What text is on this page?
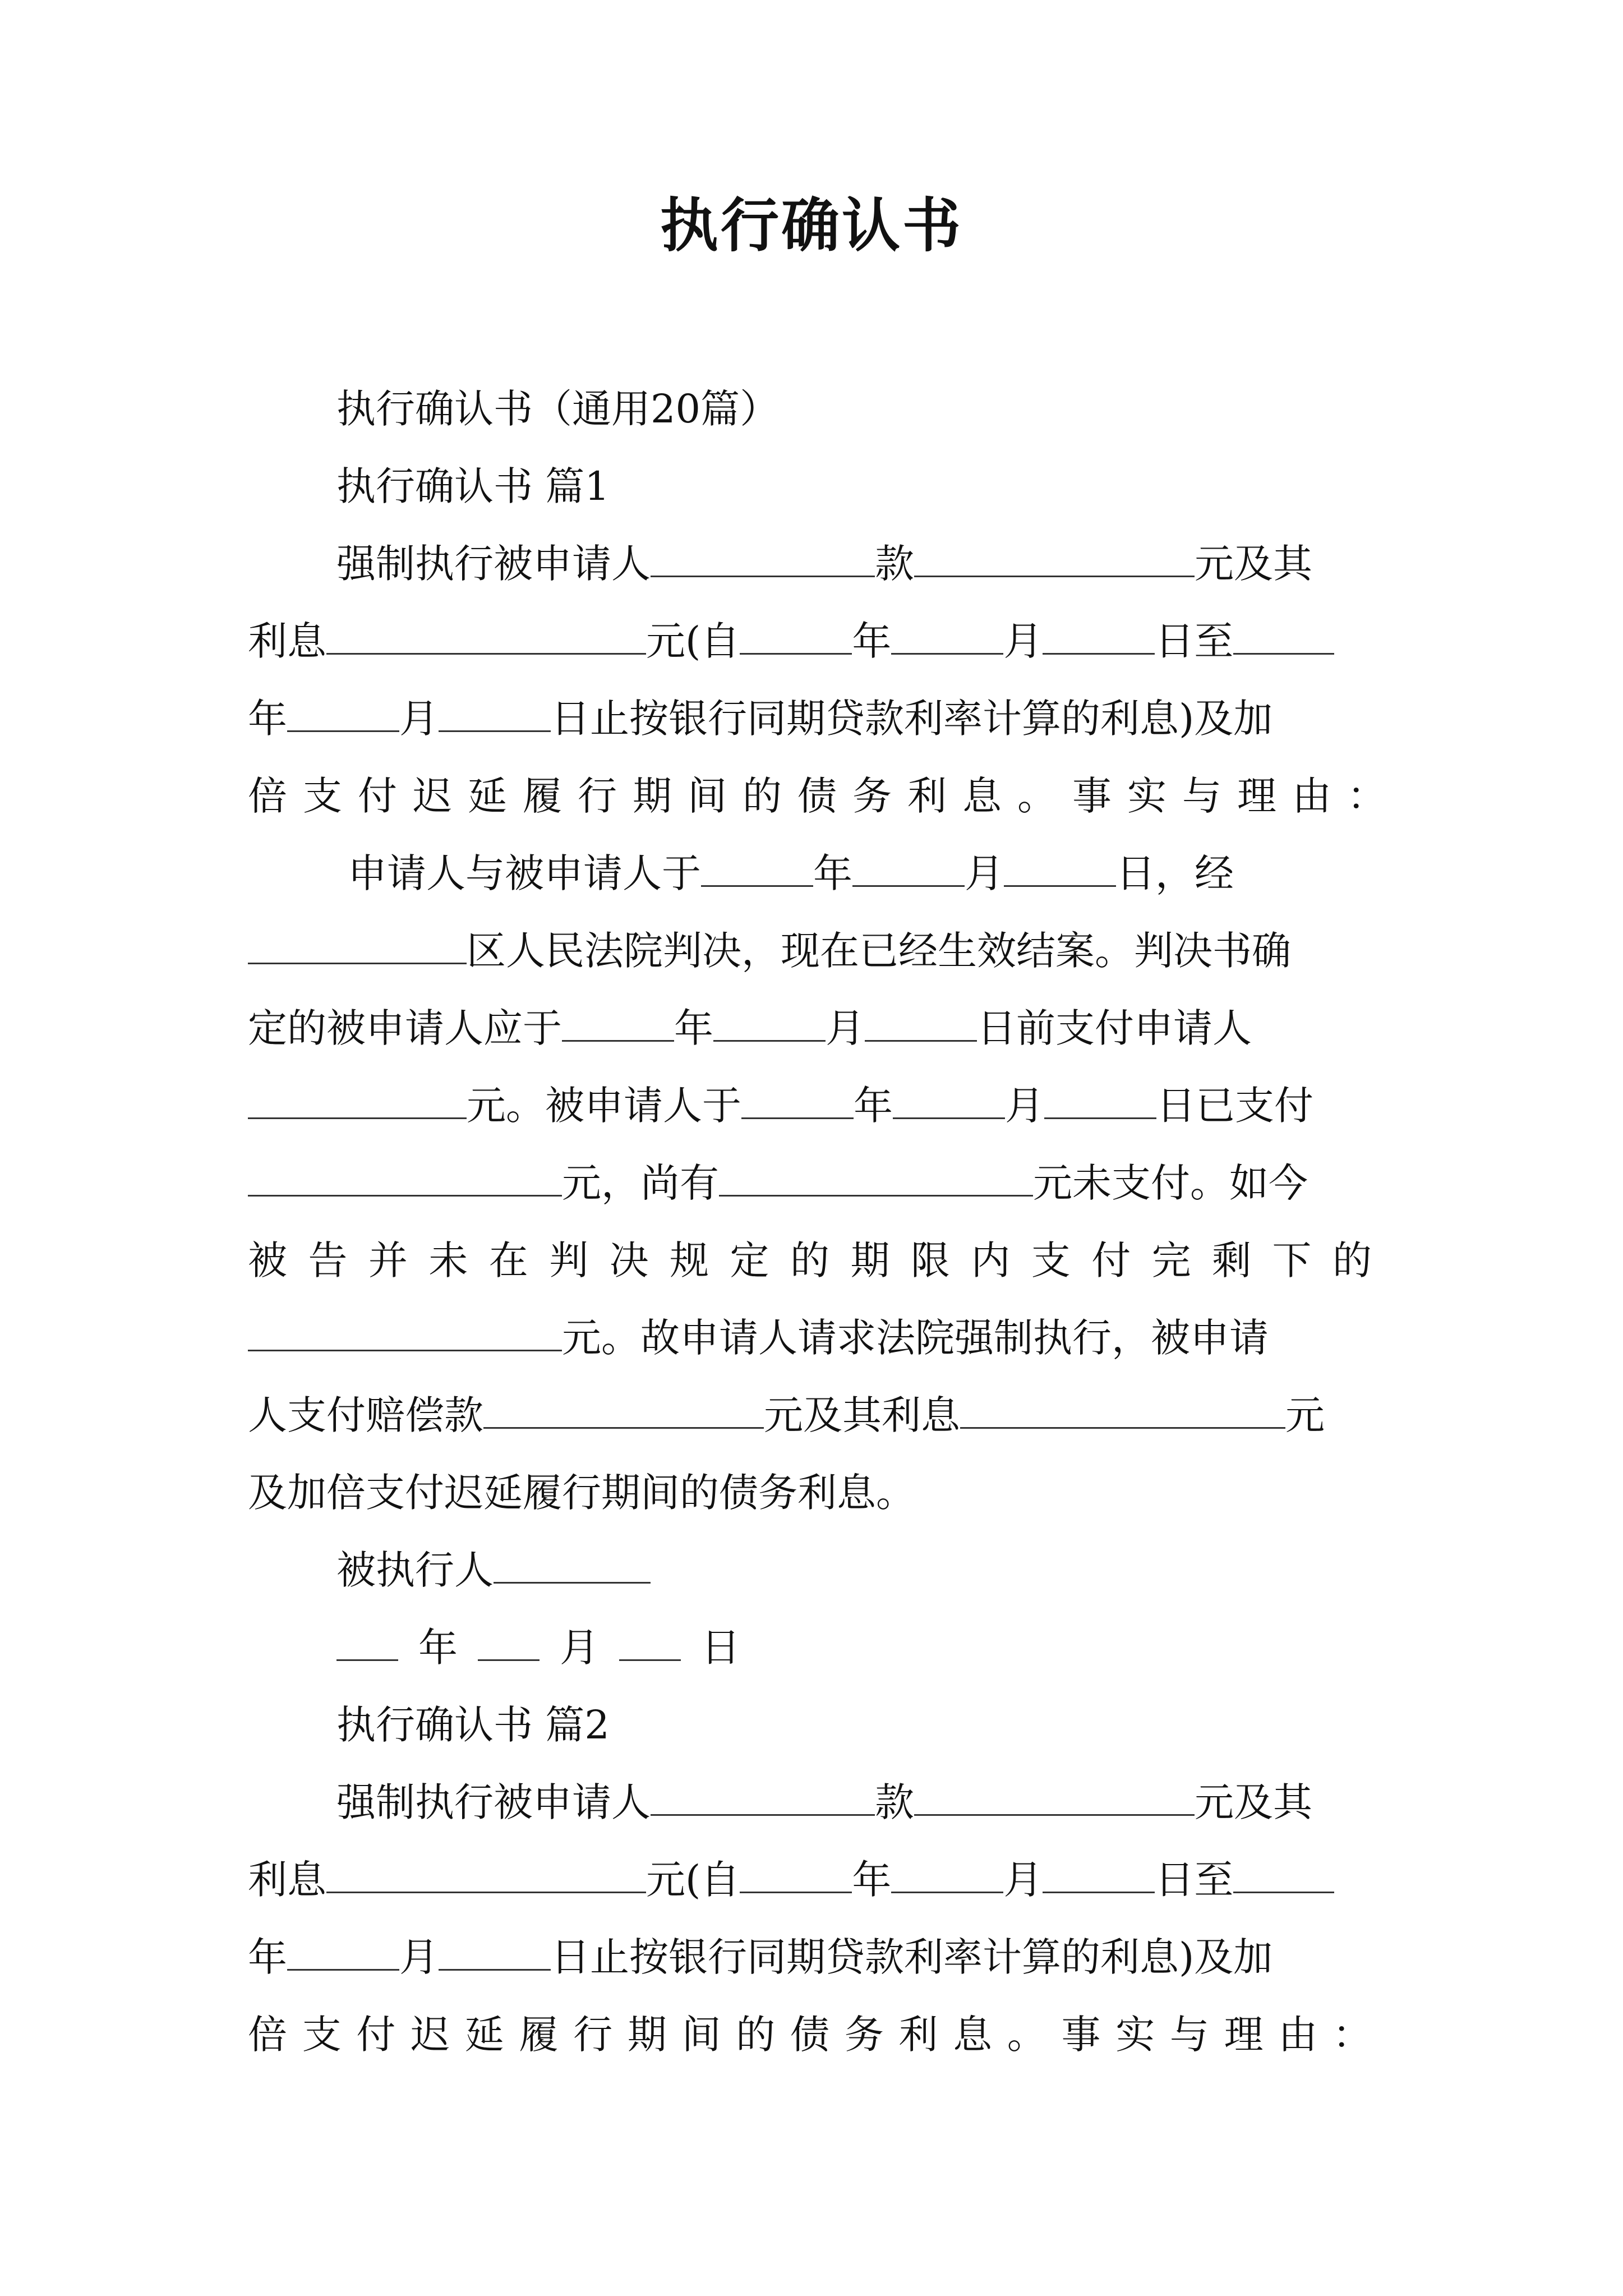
执行确认书
执行确认书（通用20篇）
执行确认书 篇1
强制执行被申请人	款	元及其
利息	元(自	年	月	日至
年	月	日止按银行同期贷款利率计算的利息)及加
倍支付迟延履行期间的债务利息。事实与理由：
申请人与被申请人于	年	月	日，经
区人民法院判决，现在已经生效结案。判决书确
定的被申请人应于	年	月	日前支付申请人
元。被申请人于	年	月	日已支付
元，尚有	元未支付。如今
被告并未在判决规定的期限内支付完剩下的
元。故申请人请求法院强制执行，被申请
人支付赔偿款	元及其利息	元
及加倍支付迟延履行期间的债务利息。
被执行人
年	月	日
执行确认书 篇2
强制执行被申请人	款	元及其
利息	元(自	年	月	日至
年	月	日止按银行同期贷款利率计算的利息)及加
倍支付迟延履行期间的债务利息。事实与理由：
